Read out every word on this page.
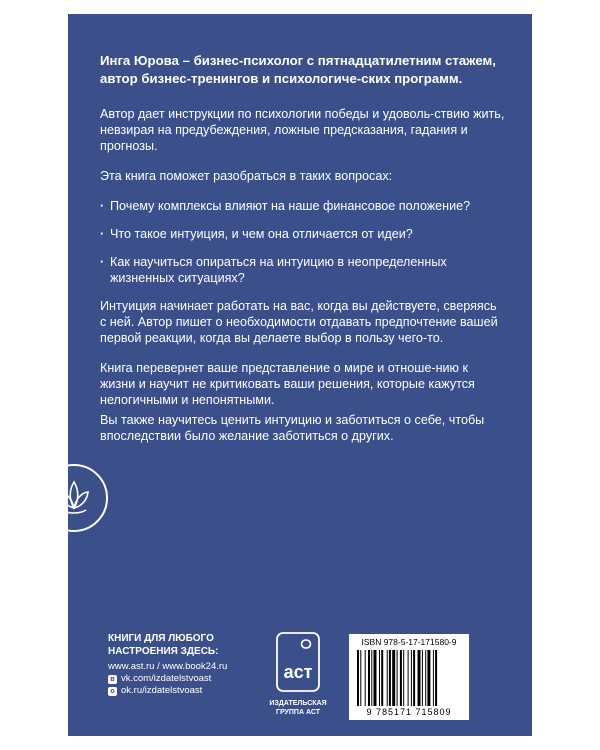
Инга Юрова – бизнес-психолог с пятнадцатилетним стажем, автор бизнес-тренингов и психологиче-ских программ.

Автор дает инструкции по психологии победы и удоволь-ствию жить, невзирая на предубеждения, ложные предсказания, гадания и прогнозы.

Эта книга поможет разобраться в таких вопросах:

· Почему комплексы влияют на наше финансовое положение?
· Что такое интуиция, и чем она отличается от идеи?
· Как научиться опираться на интуицию в неопределенных жизненных ситуациях?

Интуиция начинает работать на вас, когда вы действуете, сверяясь с ней. Автор пишет о необходимости отдавать предпочтение вашей первой реакции, когда вы делаете выбор в пользу чего-то.

Книга перевернет ваше представление о мире и отноше-нию к жизни и научит не критиковать ваши решения, которые кажутся нелогичными и непонятными.

Вы также научитесь ценить интуицию и заботиться о себе, чтобы впоследствии было желание заботиться о других.

КНИГИ ДЛЯ ЛЮБОГО НАСТРОЕНИЯ ЗДЕСЬ:
www.ast.ru / www.book24.ru
в vk.com/izdatelstvoast
о ok.ru/izdatelstvoast
аст
ИЗДАТЕЛЬСКАЯ ГРУППА АСТ
ISBN 978-5-17-171580-9
9 785171 715809
